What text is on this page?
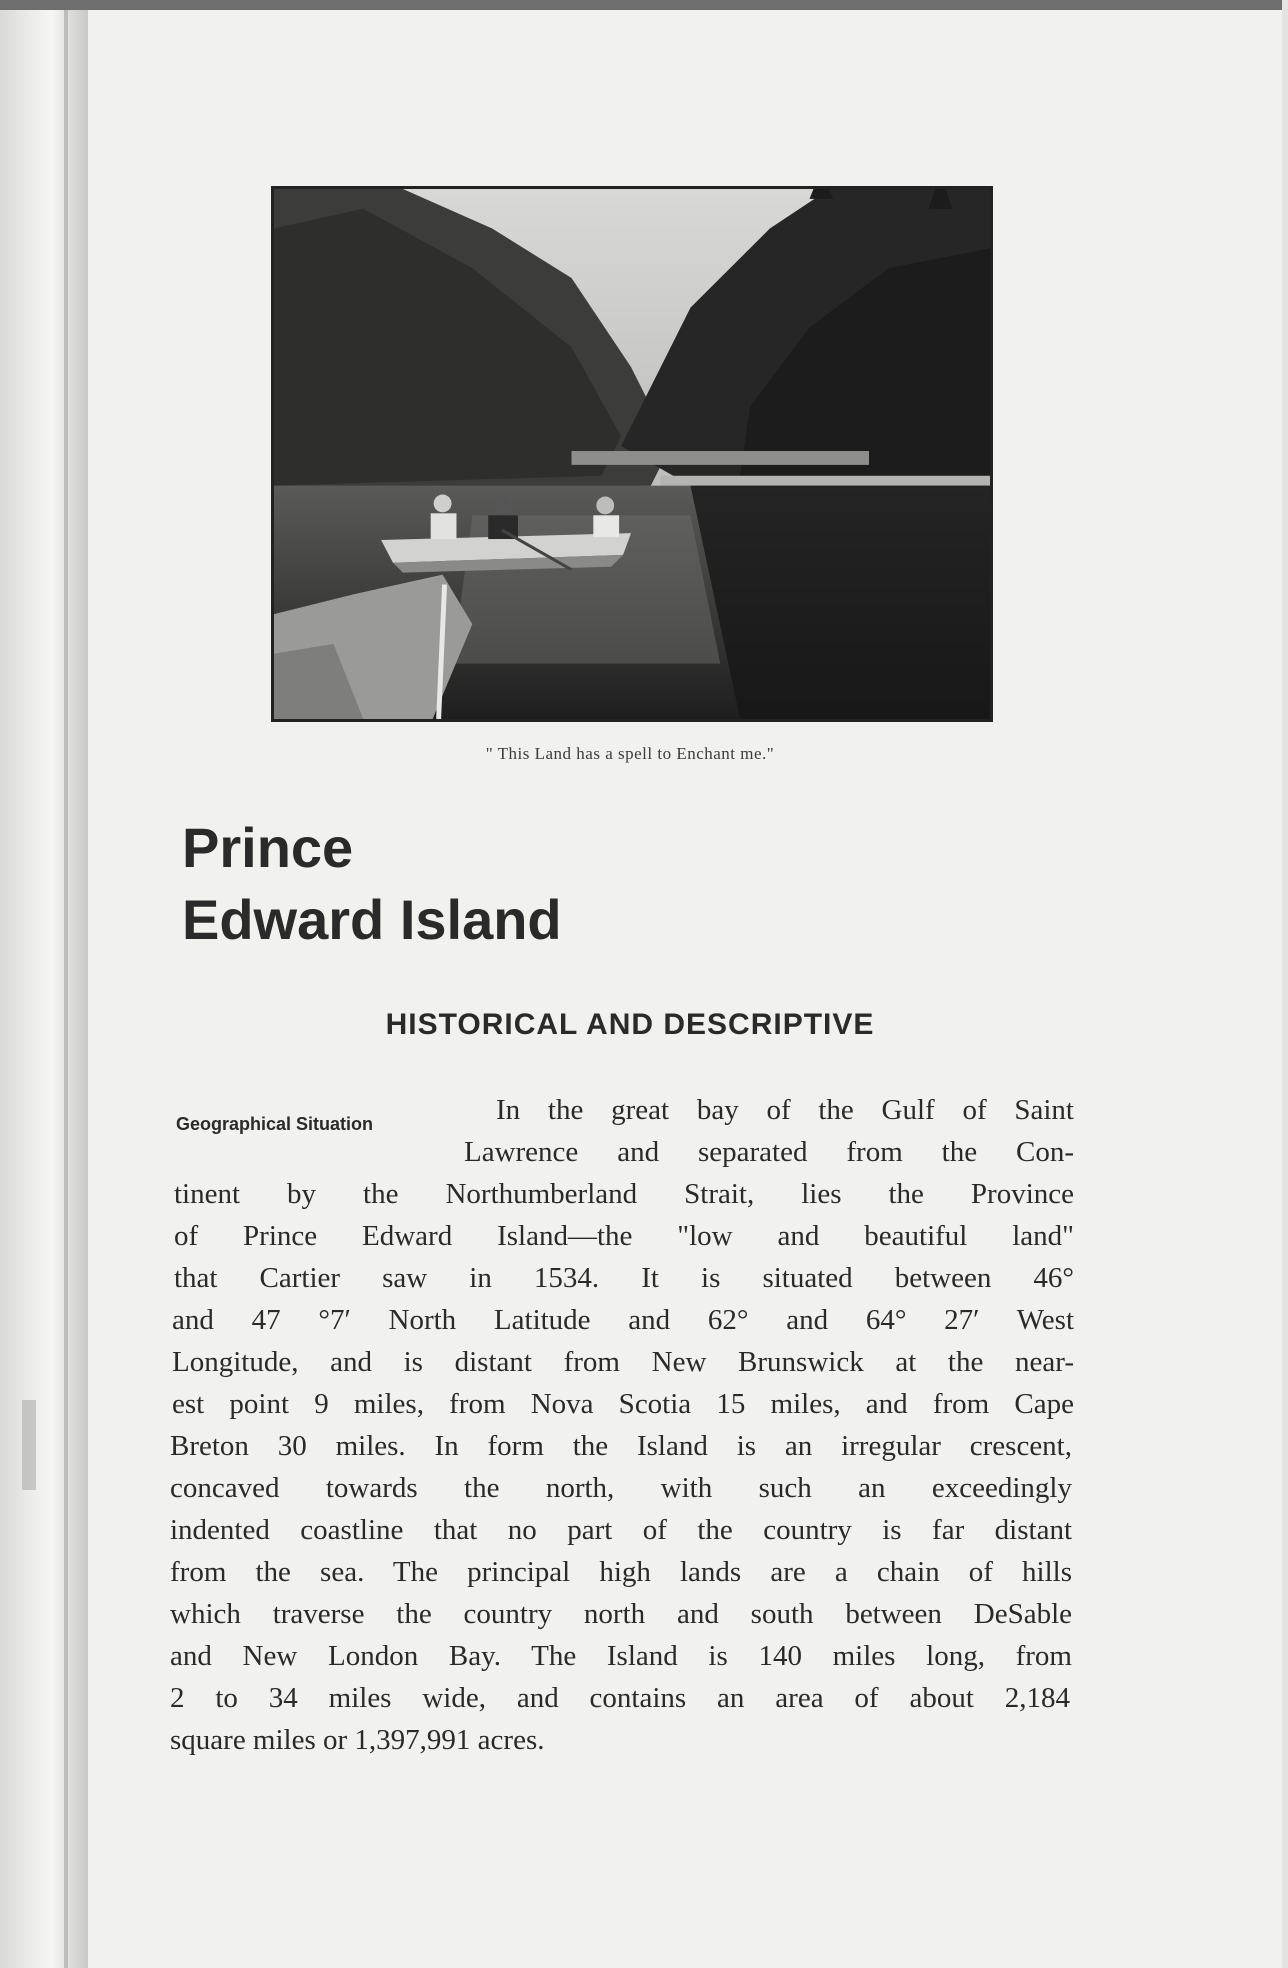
" This Land has a spell to Enchant me."
Prince
Edward Island
HISTORICAL AND DESCRIPTIVE
Geographical Situation	In the great bay of the Gulf of Saint
Lawrence and separated from the Con-
tinent by the Northumberland Strait, lies the Province
of Prince Edward Island—the "low and beautiful land"
that Cartier saw in 1534. It is situated between 46°
and 47 °7′ North Latitude and 62° and 64° 27′ West
Longitude, and is distant from New Brunswick at the near-
est point 9 miles, from Nova Scotia 15 miles, and from Cape
Breton 30 miles. In form the Island is an irregular crescent,
concaved towards the north, with such an exceedingly
indented coastline that no part of the country is far distant
from the sea. The principal high lands are a chain of hills
which traverse the country north and south between DeSable
and New London Bay. The Island is 140 miles long, from
2 to 34 miles wide, and contains an area of about 2,184
square miles or 1,397,991 acres.
